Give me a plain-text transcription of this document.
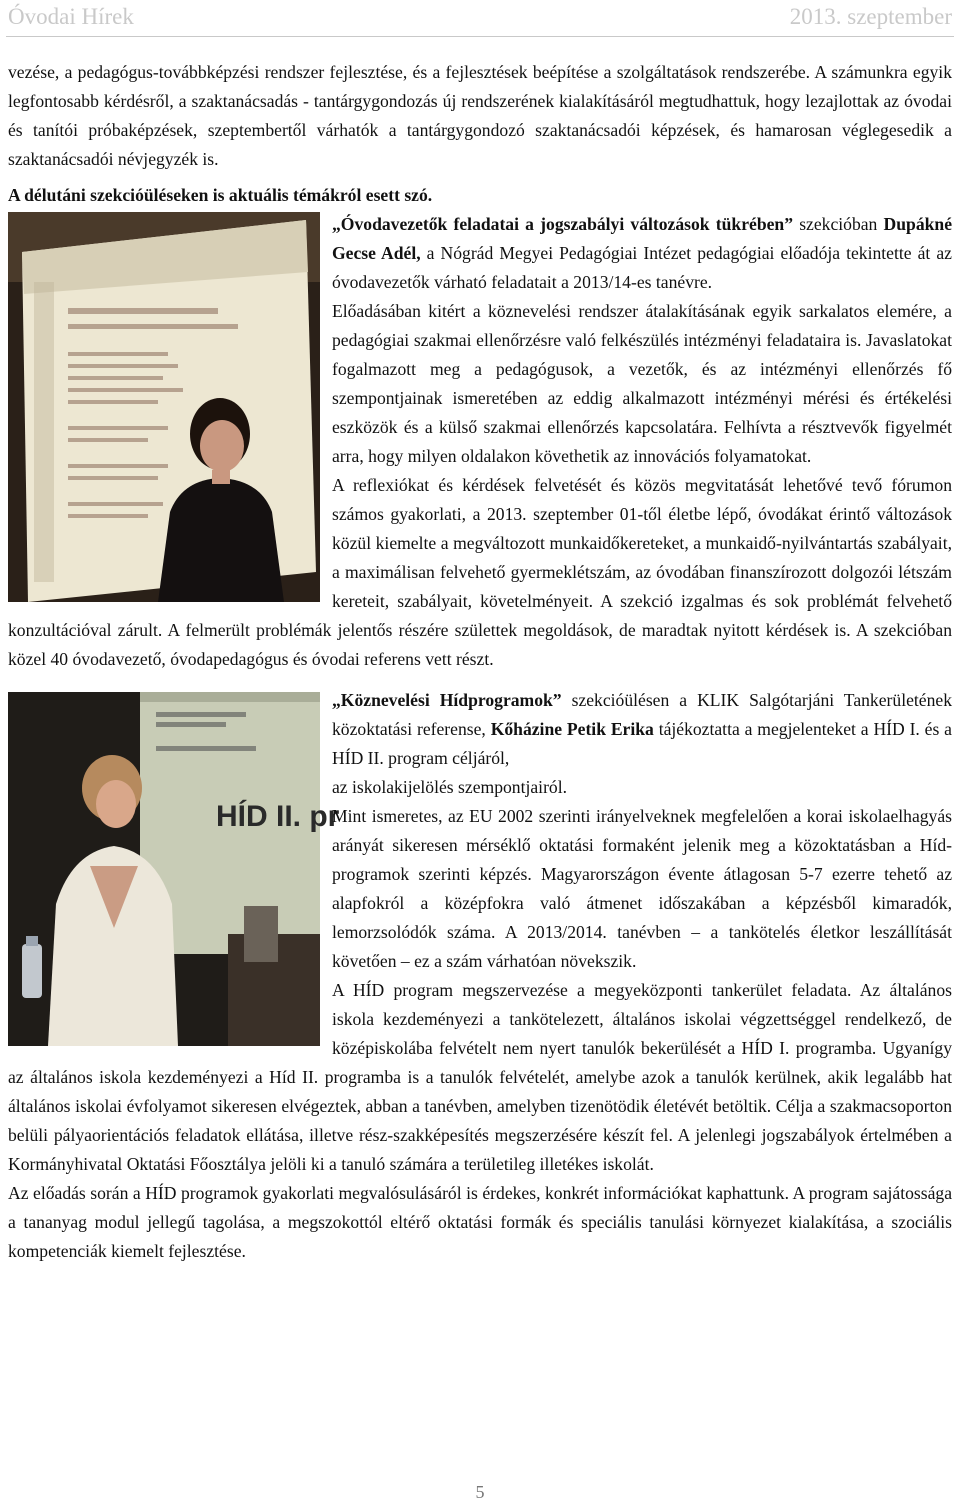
Óvodai Hírek	2013. szeptember

vezése, a pedagógus-továbbképzési rendszer fejlesztése, és a fejlesztések beépítése a szolgáltatások rendszerébe. A számunkra egyik legfontosabb kérdésről, a szaktanácsadás - tantárgygondozás új rendszerének kialakításáról megtudhattuk, hogy lezajlottak az óvodai és tanítói próbaképzések, szeptembertől várhatók a tantárgygondozó szaktanácsadói képzések, és hamarosan véglegesedik a szaktanácsadói névjegyzék is.

A délutáni szekcióüléseken is aktuális témákról esett szó.

„Óvodavezetők feladatai a jogszabályi változások tükrében” szekcióban Dupákné Gecse Adél, a Nógrád Megyei Pedagógiai Intézet pedagógiai előadója tekintette át az óvodavezetők várható feladatait a 2013/14-es tanévre.

Előadásában kitért a köznevelési rendszer átalakításának egyik sarkalatos elemére, a pedagógiai szakmai ellenőrzésre való felkészülés intézményi feladataira is. Javaslatokat fogalmazott meg a pedagógusok, a vezetők, és az intézményi ellenőrzés fő szempontjainak ismeretében az eddig alkalmazott intézményi mérési és értékelési eszközök és a külső szakmai ellenőrzés kapcsolatára. Felhívta a résztvevők figyelmét arra, hogy milyen oldalakon követhetik az innovációs folyamatokat.

A reflexiókat és kérdések felvetését és közös megvitatását lehetővé tevő fórumon számos gyakorlati, a 2013. szeptember 01-től életbe lépő, óvodákat érintő változások közül kiemelte a megváltozott munkaidőkereteket, a munkaidő-nyilvántartás szabályait, a maximálisan felvehető gyermeklétszám, az óvodában finanszírozott dolgozói létszám kereteit, szabályait, követelményeit. A szekció izgalmas és sok problémát felvehető konzultációval zárult. A felmerült problémák jelentős részére születtek megoldások, de maradtak nyitott kérdések is. A szekcióban közel 40 óvodavezető, óvodapedagógus és óvodai referens vett részt.

HÍD II. pr

„Köznevelési Hídprogramok” szekcióülésen a KLIK Salgótarjáni Tankerületének közoktatási referense, Kőházine Petik Erika tájékoztatta a megjelenteket a HÍD I. és a HÍD II. program céljáról,

az iskolakijelölés szempontjairól.

Mint ismeretes, az EU 2002 szerinti irányelveknek megfelelően a korai iskolaelhagyás arányát sikeresen mérséklő oktatási formaként jelenik meg a közoktatásban a Híd-programok szerinti képzés. Magyarországon évente átlagosan 5-7 ezerre tehető az alapfokról a középfokra való átmenet időszakában a képzésből kimaradók, lemorzsolódók száma. A 2013/2014. tanévben – a tankötelés életkor leszállítását követően – ez a szám várhatóan növekszik.

A HÍD program megszervezése a megyeközponti tankerület feladata. Az általános iskola kezdeményezi a tankötelezett, általános iskolai végzettséggel rendelkező, de középiskolába felvételt nem nyert tanulók bekerülését a HÍD I. programba. Ugyanígy az általános iskola kezdeményezi a Híd II. programba is a tanulók felvételét, amelybe azok a tanulók kerülnek, akik legalább hat általános iskolai évfolyamot sikeresen elvégeztek, abban a tanévben, amelyben tizenötödik életévét betöltik. Célja a szakmacsoporton belüli pályaorientációs feladatok ellátása, illetve rész-szakképesítés megszerzésére készít fel. A jelenlegi jogszabályok értelmében a Kormányhivatal Oktatási Főosztálya jelöli ki a tanuló számára a területileg illetékes iskolát.

Az előadás során a HÍD programok gyakorlati megvalósulásáról is érdekes, konkrét információkat kaphattunk. A program sajátossága a tananyag modul jellegű tagolása, a megszokottól eltérő oktatási formák és speciális tanulási környezet kialakítása, a szociális kompetenciák kiemelt fejlesztése.

5
